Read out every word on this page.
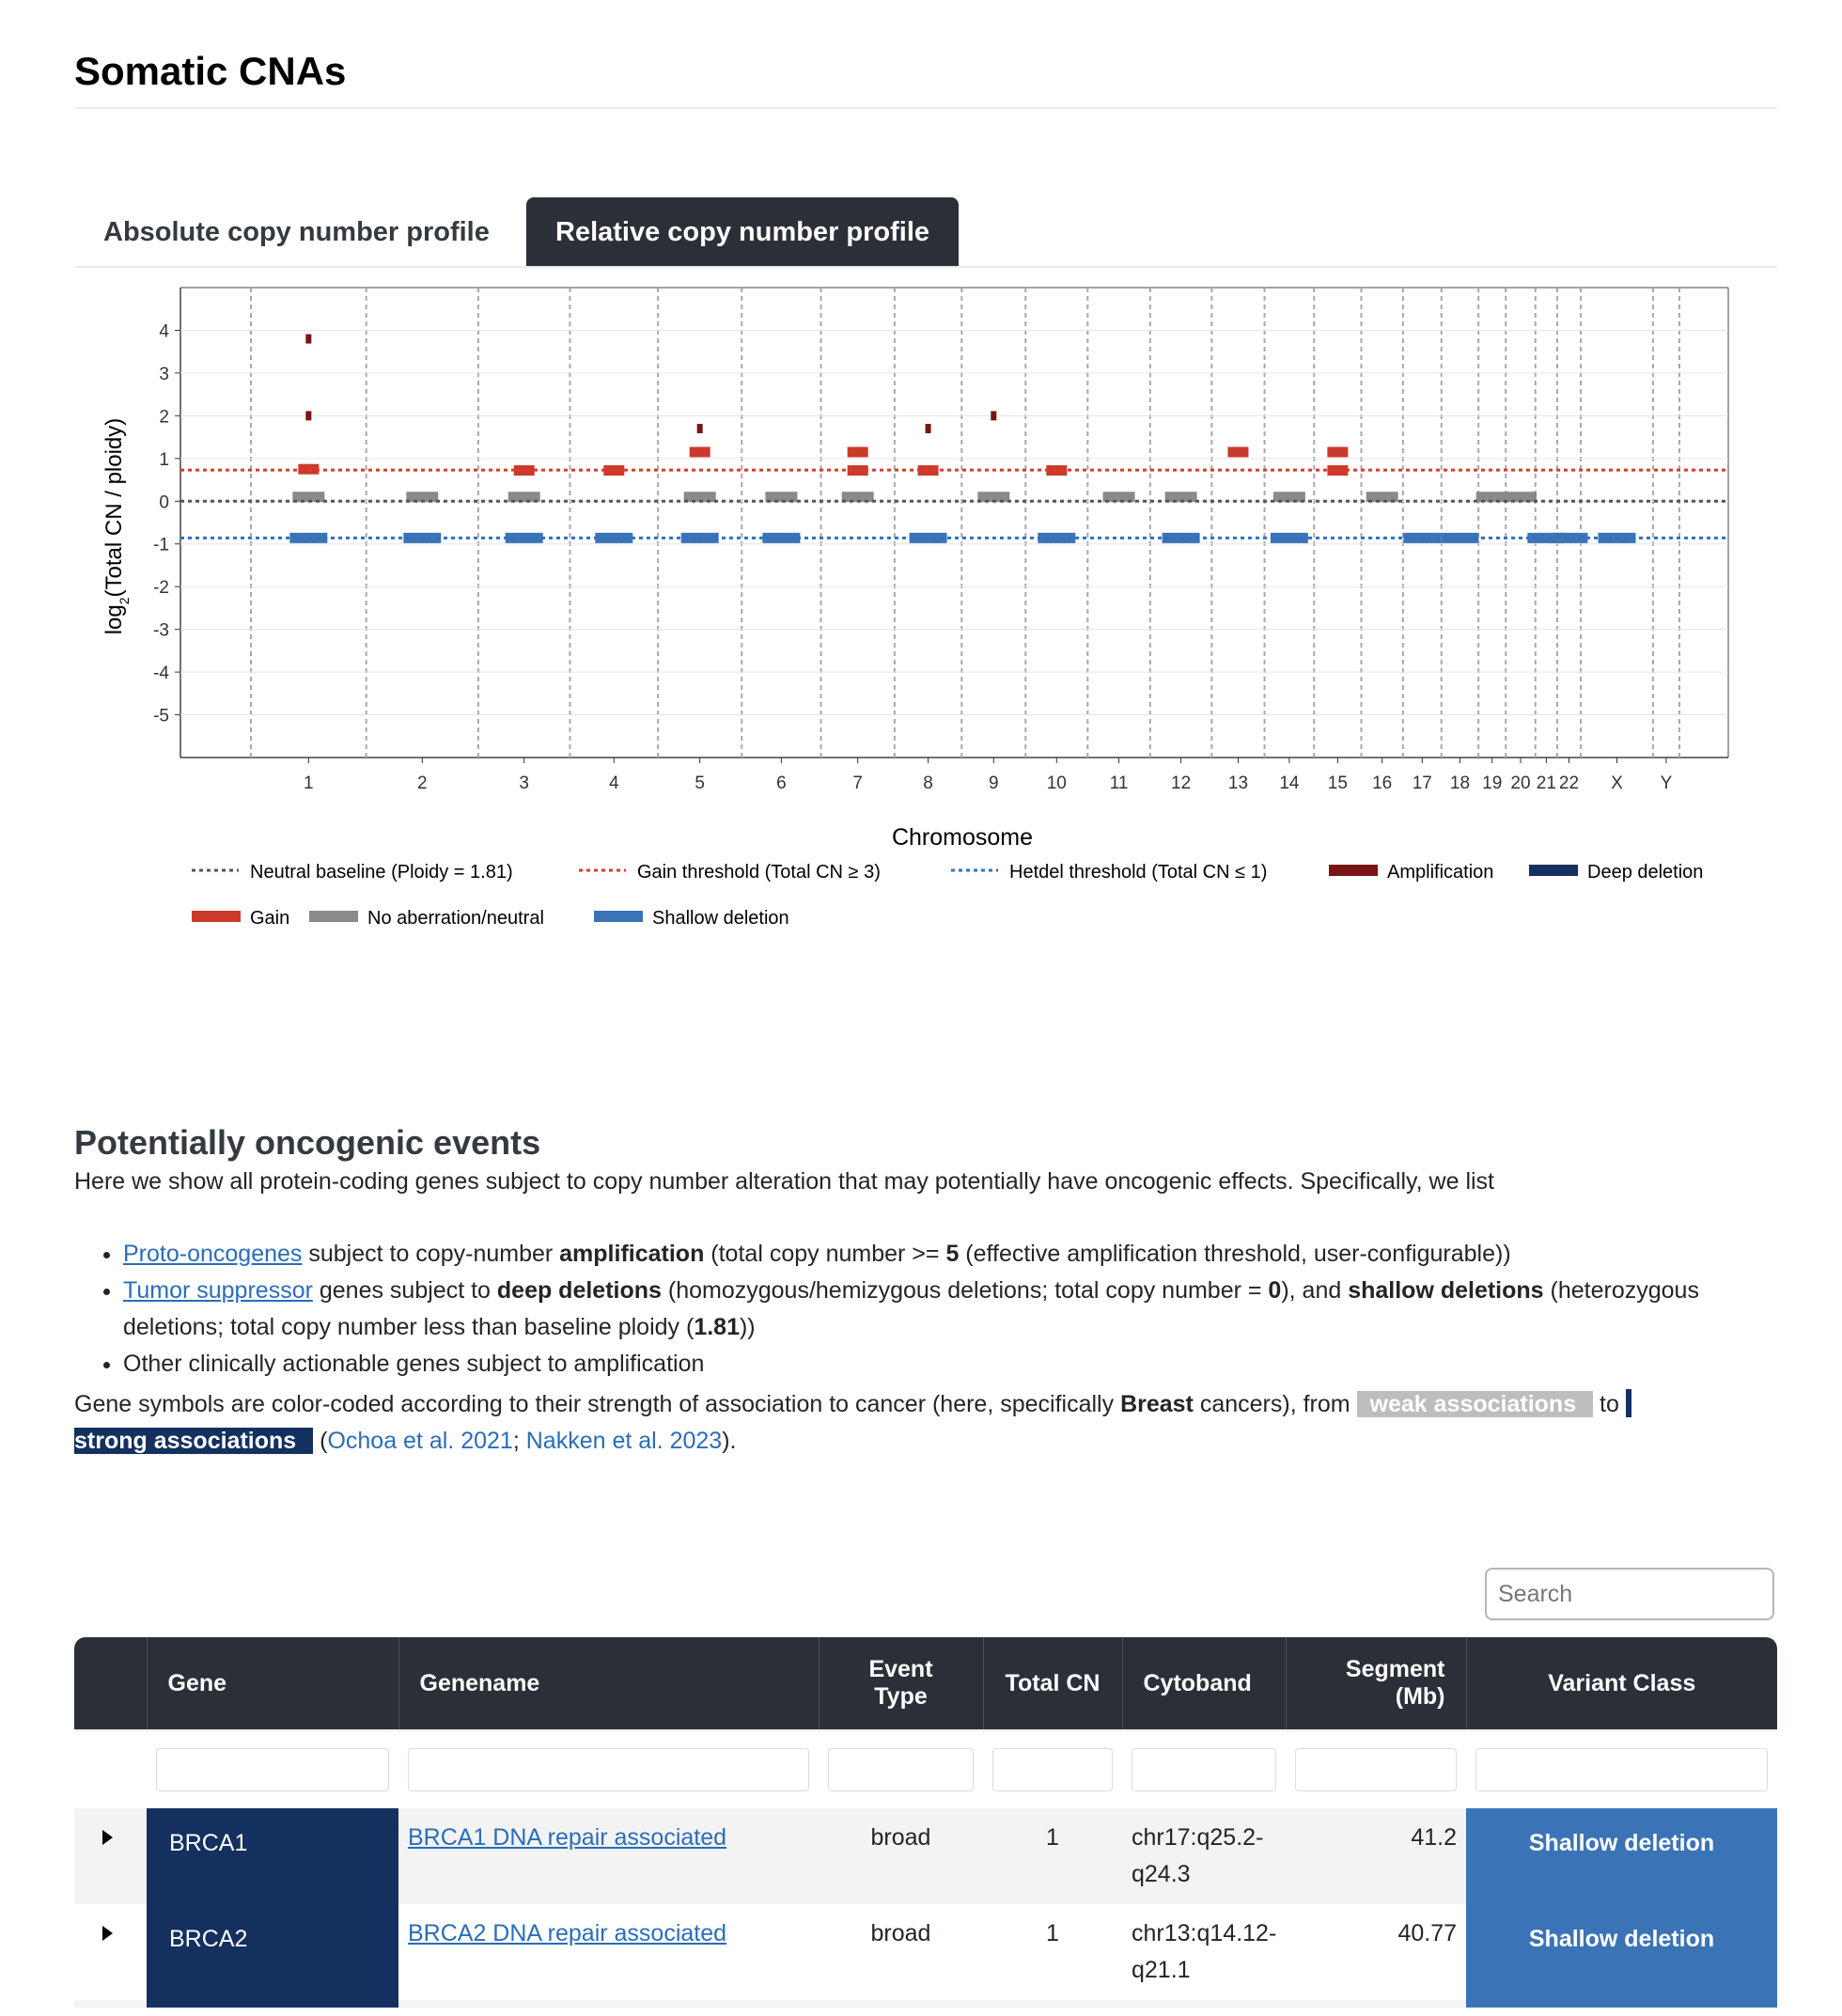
Somatic CNAs
Absolute copy number profile	Relative copy number profile
1	2	3	4	5	6	7	8	9	10 11 12 13 14 15 16 17 18 19 20 21 22 X Y
4
3
2
1
0
-1
-2
-3
-4
-5
$\log_2(Total$ CN / ploidy)
Chromosome
Neutral baseline (Ploidy = 1.81)	Gain threshold (Total CN ≥ 3)	Hetdel threshold (Total CN ≤ 1)	Amplification	Deep deletion
Gain	No aberration/neutral	Shallow deletion
Potentially oncogenic events
Here we show all protein-coding genes subject to copy number alteration that may potentially have oncogenic effects. Specifically, we list
• Proto-oncogenes subject to copy-number amplification (total copy number >= 5 (effective amplification threshold, user-configurable))
• Tumor suppressor genes subject to deep deletions (homozygous/hemizygous deletions; total copy number = 0), and shallow deletions (heterozygous deletions; total copy number less than baseline ploidy (1.81))
• Other clinically actionable genes subject to amplification
Gene symbols are color-coded according to their strength of association to cancer (here, specifically Breast cancers), from weak associations to
strong associations (Ochoa et al. 2021; Nakken et al. 2023).
Search
	Gene	Genename	Event Type	Total CN	Cytoband	Segment (Mb)	Variant Class

	BRCA1	BRCA1 DNA repair associated	broad	1	chr17:q25.2-q24.3	41.2	Shallow deletion
	BRCA2	BRCA2 DNA repair associated	broad	1	chr13:q14.12-q21.1	40.77	Shallow deletion
